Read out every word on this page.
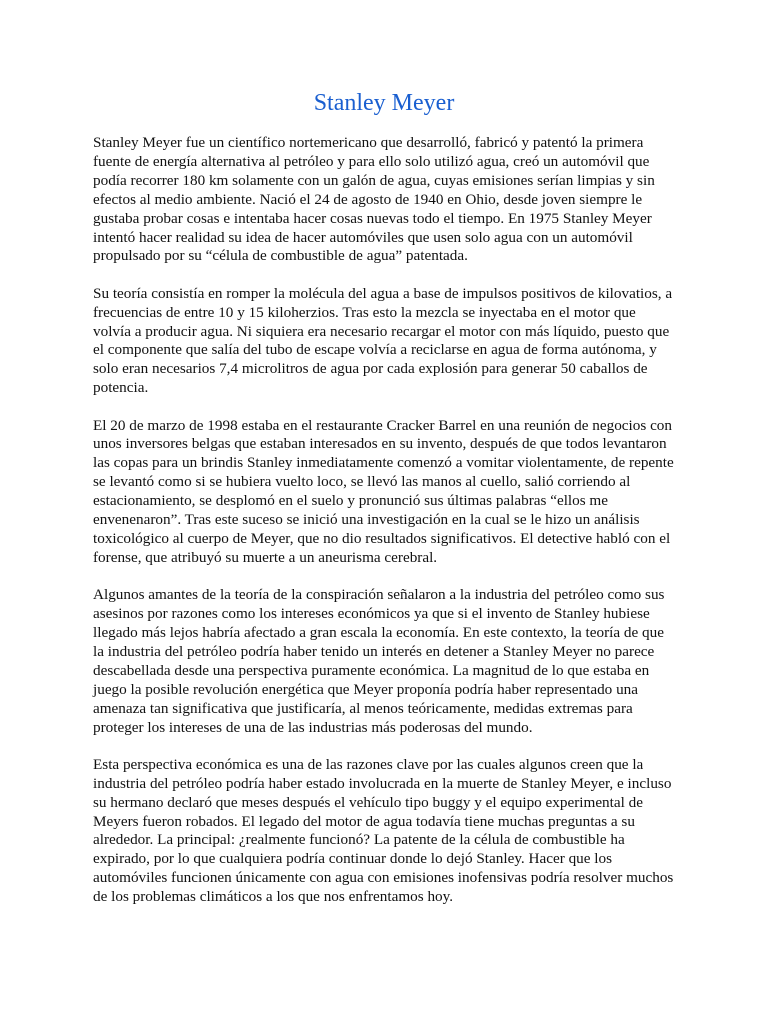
Stanley Meyer

Stanley Meyer fue un científico nortemericano que desarrolló, fabricó y patentó la primera fuente de energía alternativa al petróleo y para ello solo utilizó agua, creó un automóvil que podía recorrer 180 km solamente con un galón de agua, cuyas emisiones serían limpias y sin efectos al medio ambiente. Nació el 24 de agosto de 1940 en Ohio, desde joven siempre le gustaba probar cosas e intentaba hacer cosas nuevas todo el tiempo. En 1975 Stanley Meyer intentó hacer realidad su idea de hacer automóviles que usen solo agua con un automóvil propulsado por su “célula de combustible de agua” patentada.

Su teoría consistía en romper la molécula del agua a base de impulsos positivos de kilovatios, a frecuencias de entre 10 y 15 kiloherzios. Tras esto la mezcla se inyectaba en el motor que volvía a producir agua. Ni siquiera era necesario recargar el motor con más líquido, puesto que el componente que salía del tubo de escape volvía a reciclarse en agua de forma autónoma, y solo eran necesarios 7,4 microlitros de agua por cada explosión para generar 50 caballos de potencia.

El 20 de marzo de 1998 estaba en el restaurante Cracker Barrel en una reunión de negocios con unos inversores belgas que estaban interesados en su invento, después de que todos levantaron las copas para un brindis Stanley inmediatamente comenzó a vomitar violentamente, de repente se levantó como si se hubiera vuelto loco, se llevó las manos al cuello, salió corriendo al estacionamiento, se desplomó en el suelo y pronunció sus últimas palabras “ellos me envenenaron”. Tras este suceso se inició una investigación en la cual se le hizo un análisis toxicológico al cuerpo de Meyer, que no dio resultados significativos. El detective habló con el forense, que atribuyó su muerte a un aneurisma cerebral.

Algunos amantes de la teoría de la conspiración señalaron a la industria del petróleo como sus asesinos por razones como los intereses económicos ya que si el invento de Stanley hubiese llegado más lejos habría afectado a gran escala la economía. En este contexto, la teoría de que la industria del petróleo podría haber tenido un interés en detener a Stanley Meyer no parece descabellada desde una perspectiva puramente económica. La magnitud de lo que estaba en juego la posible revolución energética que Meyer proponía podría haber representado una amenaza tan significativa que justificaría, al menos teóricamente, medidas extremas para proteger los intereses de una de las industrias más poderosas del mundo.

Esta perspectiva económica es una de las razones clave por las cuales algunos creen que la industria del petróleo podría haber estado involucrada en la muerte de Stanley Meyer, e incluso su hermano declaró que meses después el vehículo tipo buggy y el equipo experimental de Meyers fueron robados. El legado del motor de agua todavía tiene muchas preguntas a su alrededor. La principal: ¿realmente funcionó? La patente de la célula de combustible ha expirado, por lo que cualquiera podría continuar donde lo dejó Stanley. Hacer que los automóviles funcionen únicamente con agua con emisiones inofensivas podría resolver muchos de los problemas climáticos a los que nos enfrentamos hoy.
